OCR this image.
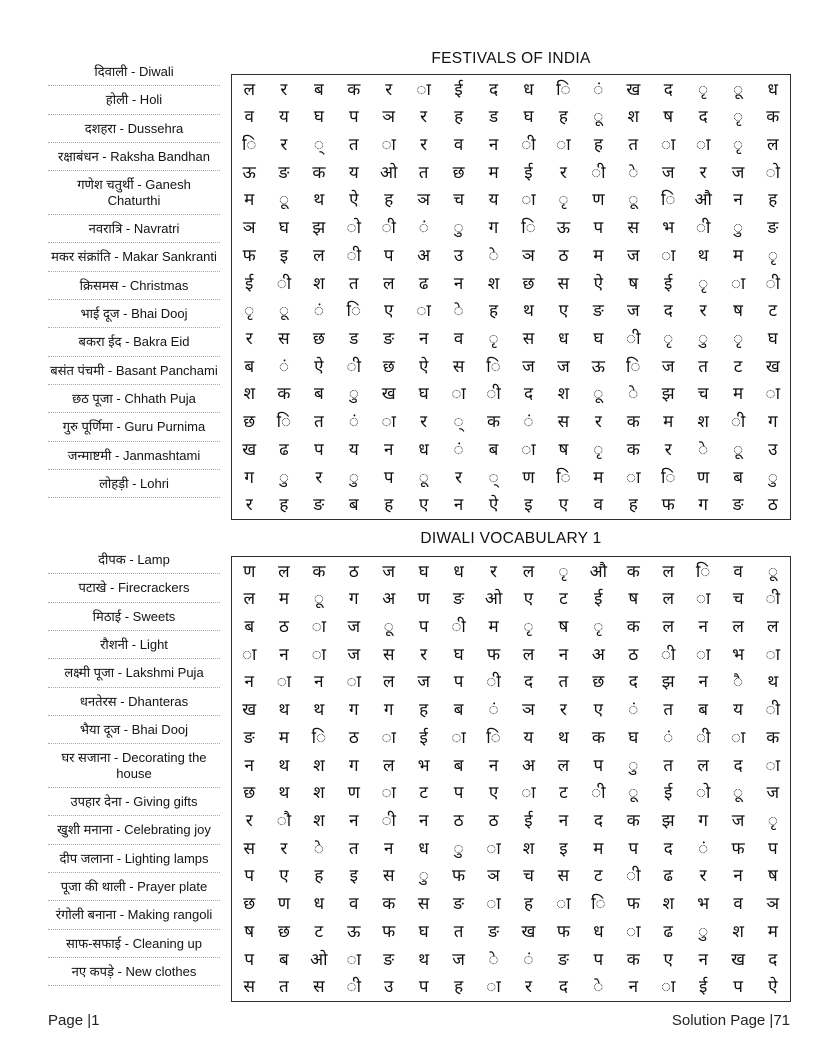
दिवाली - Diwali
होली - Holi
दशहरा - Dussehra
रक्षाबंधन - Raksha Bandhan
गणेश चतुर्थी - Ganesh Chaturthi
नवरात्रि - Navratri
मकर संक्रांति - Makar Sankranti
क्रिसमस - Christmas
भाई दूज - Bhai Dooj
बकरा ईद - Bakra Eid
बसंत पंचमी - Basant Panchami
छठ पूजा - Chhath Puja
गुरु पूर्णिमा - Guru Purnima
जन्माष्टमी - Janmashtami
लोहड़ी - Lohri
FESTIVALS OF INDIA
ल	र	ब	क	र	ा	ई	द	ध	ि	ं	ख	द	ृ	ू	ध
व	य	घ	प	ञ	र	ह	ड	घ	ह	ू	श	ष	द	ृ	क
ि	र	्	त	ा	र	व	न	ी	ा	ह	त	ा	ा	ृ	ल
ऊ	ङ	क	य	ओ	त	छ	म	ई	र	ी	े	ज	र	ज	ो
म	ू	थ	ऐ	ह	ञ	च	य	ा	ृ	ण	ू	ि	औ	न	ह
ञ	घ	झ	ो	ी	ं	ु	ग	ि	ऊ	प	स	भ	ी	ु	ङ
फ	इ	ल	ी	प	अ	उ	े	ञ	ठ	म	ज	ा	थ	म	ृ
ई	ी	श	त	ल	ढ	न	श	छ	स	ऐ	ष	ई	ृ	ा	ी
ृ	ू	ं	ि	ए	ा	े	ह	थ	ए	ङ	ज	द	र	ष	ट
र	स	छ	ड	ङ	न	व	ृ	स	ध	घ	ी	ृ	ु	ृ	घ
ब	ं	ऐ	ी	छ	ऐ	स	ि	ज	ज	ऊ	ि	ज	त	ट	ख
श	क	ब	ु	ख	घ	ा	ी	द	श	ू	े	झ	च	म	ा
छ	ि	त	ं	ा	र	्	क	ं	स	र	क	म	श	ी	ग
ख	ढ	प	य	न	ध	ं	ब	ा	ष	ृ	क	र	े	ू	उ
ग	ु	र	ु	प	ू	र	्	ण	ि	म	ा	ि	ण	ब	ु
र	ह	ङ	ब	ह	ए	न	ऐ	इ	ए	व	ह	फ	ग	ङ	ठ
दीपक - Lamp
पटाखे - Firecrackers
मिठाई - Sweets
रौशनी - Light
लक्ष्मी पूजा - Lakshmi Puja
धनतेरस - Dhanteras
भैया दूज - Bhai Dooj
घर सजाना - Decorating the house
उपहार देना - Giving gifts
खुशी मनाना - Celebrating joy
दीप जलाना - Lighting lamps
पूजा की थाली - Prayer plate
रंगोली बनाना - Making rangoli
साफ-सफाई - Cleaning up
नए कपड़े - New clothes
DIWALI VOCABULARY 1
ण	ल	क	ठ	ज	घ	ध	र	ल	ृ	औ	क	ल	ि	व	ू
ल	म	ू	ग	अ	ण	ङ	ओ	ए	ट	ई	ष	ल	ा	च	ी
ब	ठ	ा	ज	ू	प	ी	म	ृ	ष	ृ	क	ल	न	ल	ल
ा	न	ा	ज	स	र	घ	फ	ल	न	अ	ठ	ी	ा	भ	ा
न	ा	न	ा	ल	ज	प	ी	द	त	छ	द	झ	न	ै	थ
ख	थ	थ	ग	ग	ह	ब	ं	ञ	र	ए	ं	त	ब	य	ी
ङ	म	ि	ठ	ा	ई	ा	ि	य	थ	क	घ	ं	ी	ा	क
न	थ	श	ग	ल	भ	ब	न	अ	ल	प	ु	त	ल	द	ा
छ	थ	श	ण	ा	ट	प	ए	ा	ट	ी	ू	ई	ो	ू	ज
र	ौ	श	न	ी	न	ठ	ठ	ई	न	द	क	झ	ग	ज	ृ
स	र	े	त	न	ध	ु	ा	श	इ	म	प	द	ं	फ	प
प	ए	ह	इ	स	ु	फ	ञ	च	स	ट	ी	ढ	र	न	ष
छ	ण	ध	व	क	स	ङ	ा	ह	ा	ि	फ	श	भ	व	ञ
ष	छ	ट	ऊ	फ	घ	त	ङ	ख	फ	ध	ा	ढ	ु	श	म
प	ब	ओ	ा	ङ	थ	ज	े	ं	ङ	प	क	ए	न	ख	द
स	त	स	ी	उ	प	ह	ा	र	द	े	न	ा	ई	प	ऐ
Page |1	Solution Page |71
